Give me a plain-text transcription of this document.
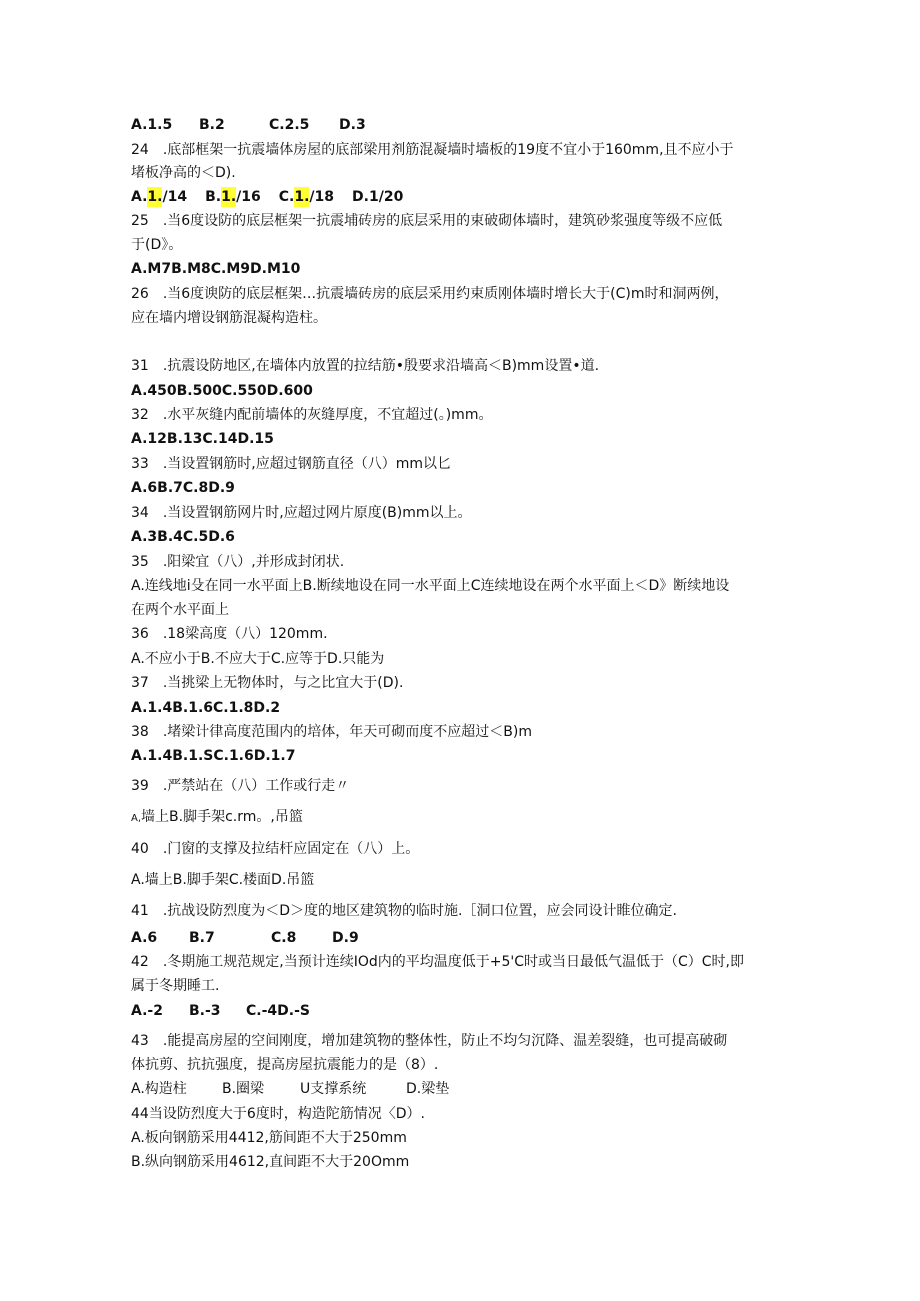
A.1.5 B.2	C.2.5 D.3
24　.底部框架一抗震墙体房屋的底部梁用剂筋混凝墙时墙板的19度不宜小于160mm,且不应小于
堵板净高的＜D).
A.1./14 B.1./16 C.1./18 D.1/20
25　.当6度设防的底层框架一抗震埔砖房的底层采用的束破砌体墙时，建筑砂浆强度等级不应低
于(D》。
A.M7B.M8C.M9D.M10
26　.当6度谀防的底层框架…抗震墙砖房的底层采用约束质刚体墙时增长大于(C)m时和洞两例，
应在墙内增设钢筋混凝构造柱。
31　.抗震设防地区,在墙体内放置的拉结筋•殷要求沿墙高＜B)mm设置•道.
A.450B.500C.550D.600
32　.水平灰缝内配前墙体的灰缝厚度，不宜超过(。)mm。
A.12B.13C.14D.15
33　.当设置钢筋时,应超过钢筋直径（八）mm以匕
A.6B.7C.8D.9
34　.当设置钢筋网片时,应超过网片原度(B)mm以上。
A.3B.4C.5D.6
35　.阳梁宜（八）,并形成封闭状.
A.连线地i殳在同一水平面上B.断续地设在同一水平面上C连续地设在两个水平面上＜D》断续地设
在两个水平面上
36　.18梁高度（八）120mm.
A.不应小于B.不应大于C.应等于D.只能为
37　.当挑梁上无物体时，与之比宜大于(D).
A.1.4B.1.6C.1.8D.2
38　.堵梁计律高度范围内的培体，年天可砌而度不应超过＜B)m
A.1.4B.1.SC.1.6D.1.7
39　.严禁站在（八）工作或行走〃
A,墙上B.脚手架c.rm。,吊篮
40　.门窗的支撑及拉结杆应固定在（八）上。
A.墙上B.脚手架C.楼面D.吊篮
41　.抗战设防烈度为＜D＞度的地区建筑物的临时施.［洞口位置，应会同设计睢位确定.
A.6 B.7	C.8	D.9
42　.冬期施工规范规定,当预计连续IOd内的平均温度低于+5'C时或当日最低气温低于（C）C时,即
属于冬期睡工.
A.-2 B.-3 C.-4D.-S
43　.能提高房屋的空间刚度，增加建筑物的整体性，防止不均匀沉降、温差裂缝，也可提高破砌
体抗剪、抗抗强度，提高房屋抗震能力的是（8）.
A.构造柱	B.圈梁	U支撑系统	D.梁垫
44当设防烈度大于6度时，构造陀筋情况〈D）.
A.板向钢筋采用4412,筋间距不大于250mm
B.纵向钢筋采用4612,直间距不大于20Omm
